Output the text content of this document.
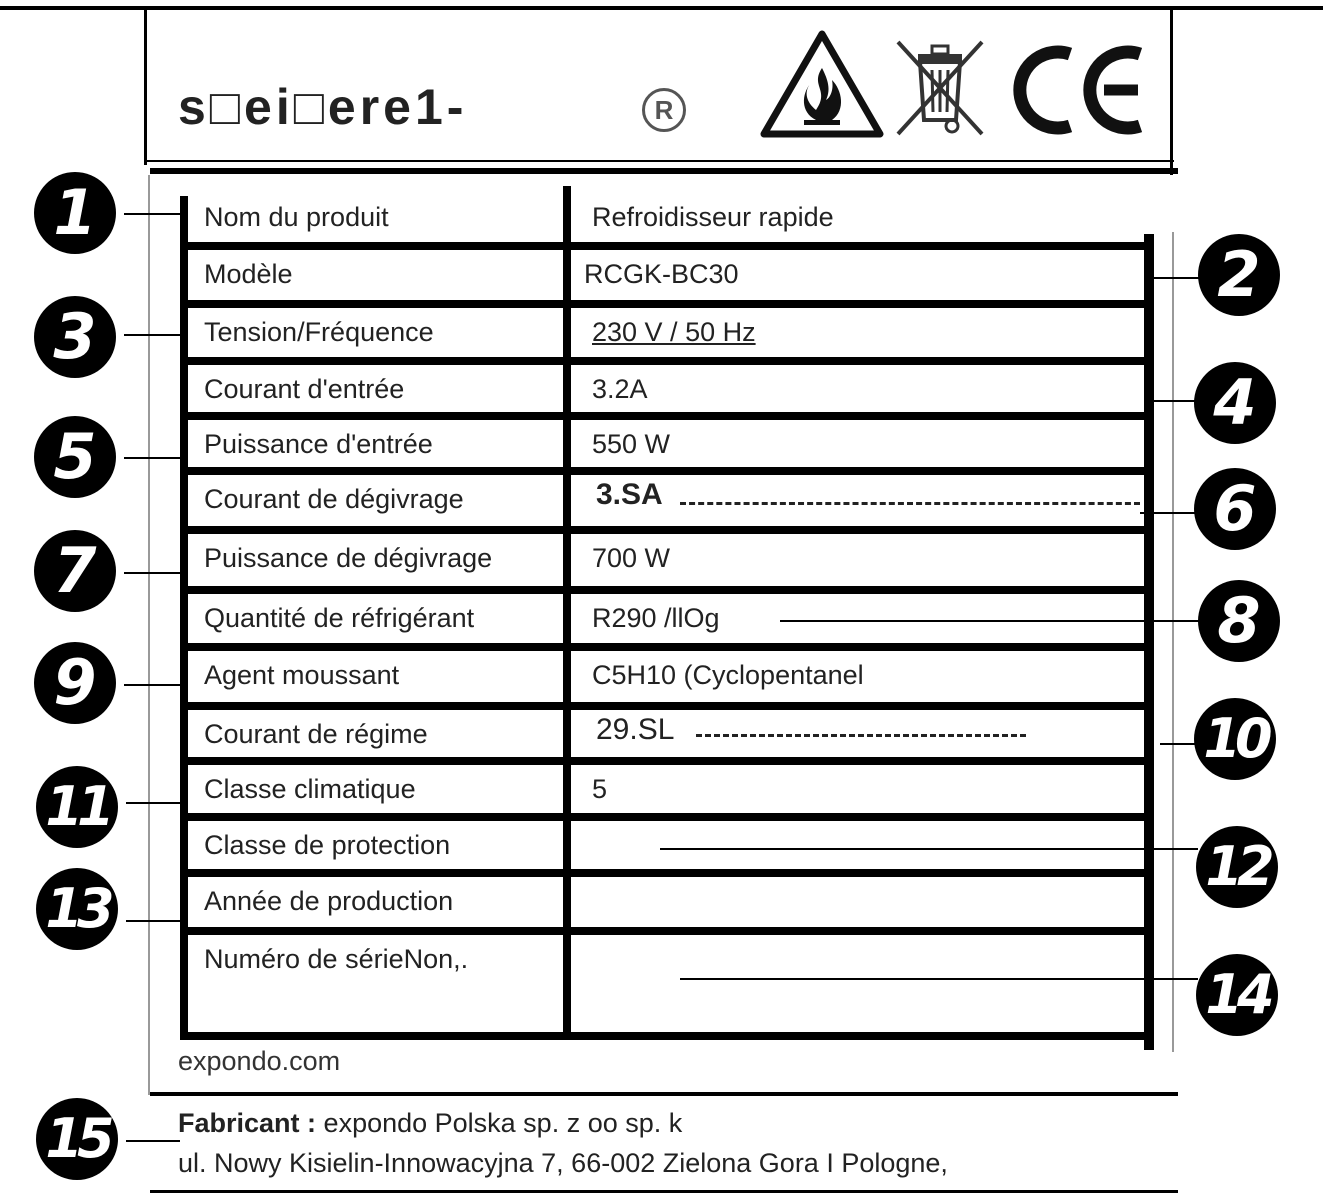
s□ei□ere1-	R
expondo.com
Fabricant : expondo Polska sp. z oo sp. k
ul. Nowy Kisielin-Innowacyjna 7, 66-002 Zielona Gora I Pologne,
Nom du produit	Refroidisseur rapide
Modèle	RCGK-BC30
Tension/Fréquence	230 V / 50 Hz
Courant d'entrée	3.2A
Puissance d'entrée	550 W
Courant de dégivrage	3.SA
Puissance de dégivrage	700 W
Quantité de réfrigérant	R290 /llOg
Agent moussant	C5H10 (Cyclopentanel
Courant de régime	29.SL
Classe climatique	5
Classe de protection
Année de production
Numéro de sérieNon,.
1
2
3
4
5
6
7
8
9
10
11
12
13
14
15
